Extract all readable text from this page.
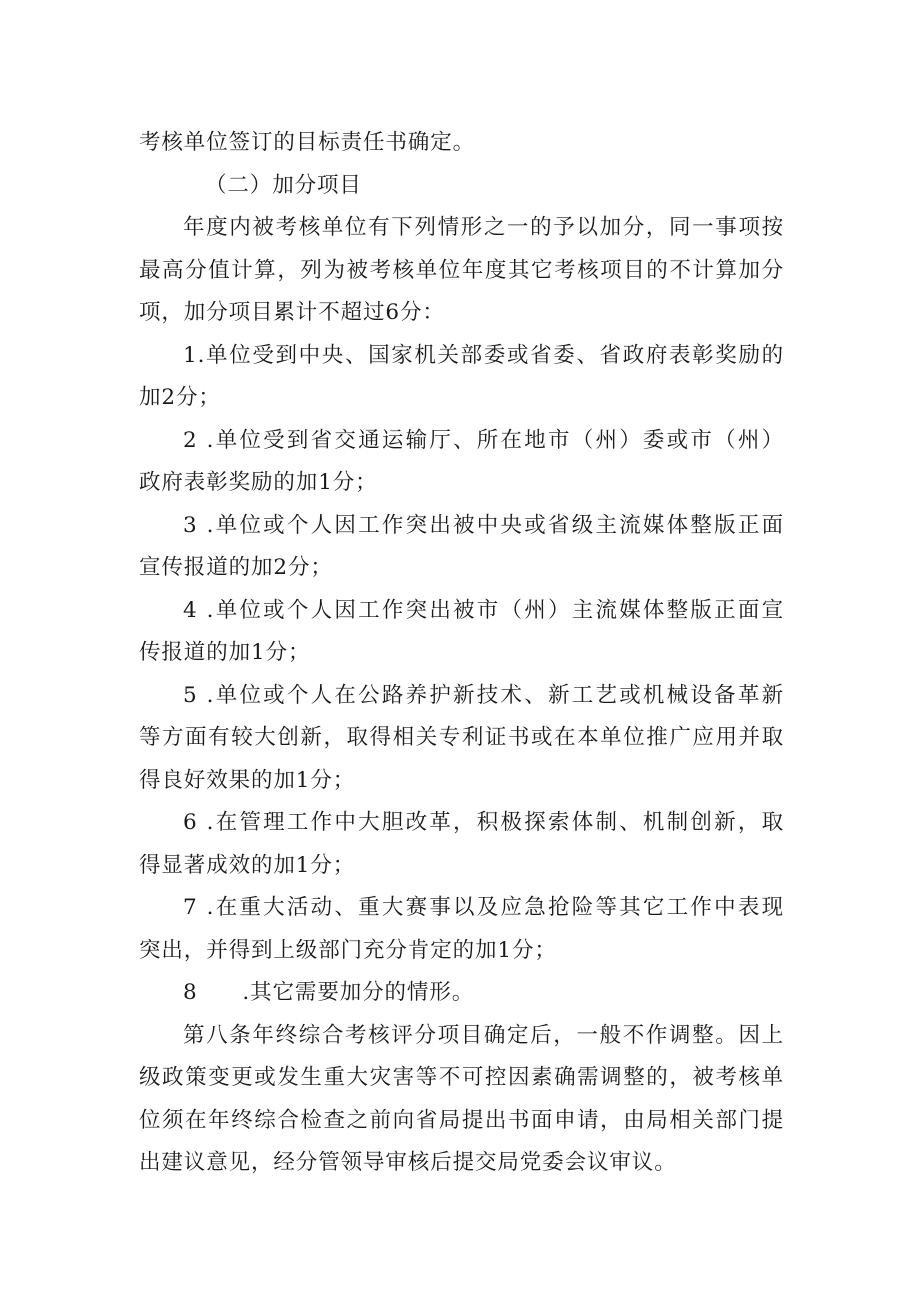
考核单位签订的目标责任书确定。
（二）加分项目
年度内被考核单位有下列情形之一的予以加分，同一事项按
最高分值计算，列为被考核单位年度其它考核项目的不计算加分
项，加分项目累计不超过6分：
1.单位受到中央、国家机关部委或省委、省政府表彰奖励的
加2分；
2 .单位受到省交通运输厅、所在地市（州）委或市（州）
政府表彰奖励的加1分；
3 .单位或个人因工作突出被中央或省级主流媒体整版正面
宣传报道的加2分；
4 .单位或个人因工作突出被市（州）主流媒体整版正面宣
传报道的加1分；
5 .单位或个人在公路养护新技术、新工艺或机械设备革新
等方面有较大创新，取得相关专利证书或在本单位推广应用并取
得良好效果的加1分；
6 .在管理工作中大胆改革，积极探索体制、机制创新，取
得显著成效的加1分；
7 .在重大活动、重大赛事以及应急抢险等其它工作中表现
突出，并得到上级部门充分肯定的加1分；
8　　.其它需要加分的情形。
第八条年终综合考核评分项目确定后，一般不作调整。因上
级政策变更或发生重大灾害等不可控因素确需调整的，被考核单
位须在年终综合检查之前向省局提出书面申请，由局相关部门提
出建议意见，经分管领导审核后提交局党委会议审议。
